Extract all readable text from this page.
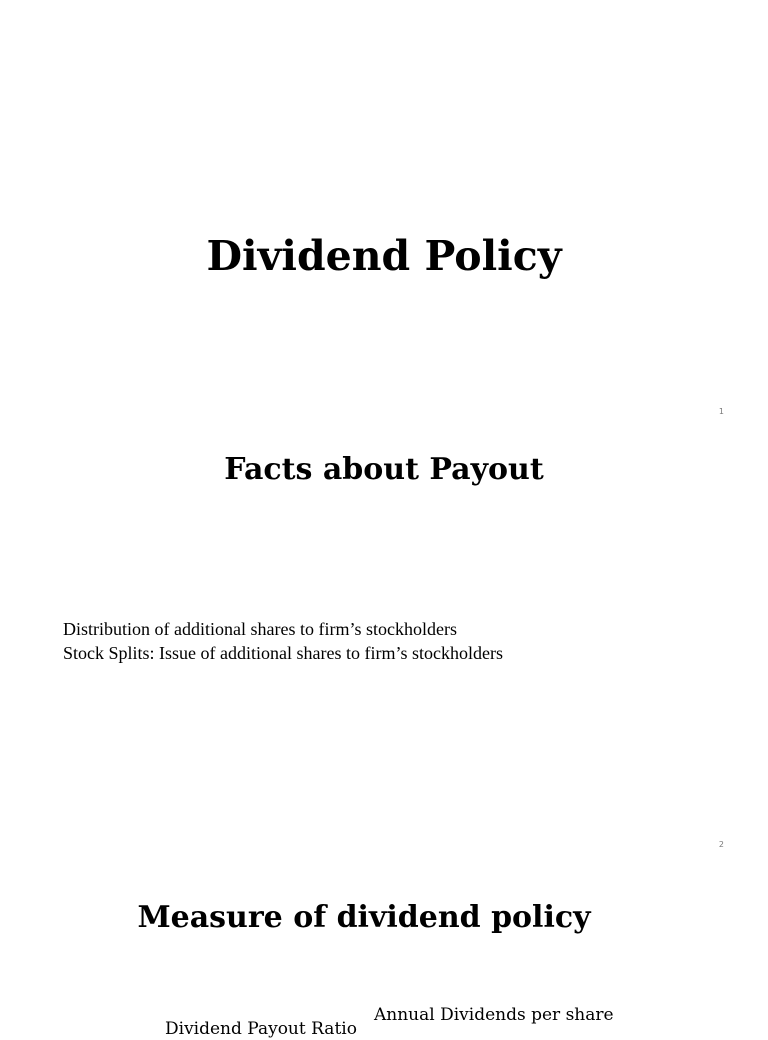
Dividend Policy
1
Facts about Payout
Distribution of additional shares to firm’s stockholders
Stock Splits: Issue of additional shares to firm’s stockholders
2
Measure of dividend policy
Annual Dividends per share
Dividend Payout Ratio
